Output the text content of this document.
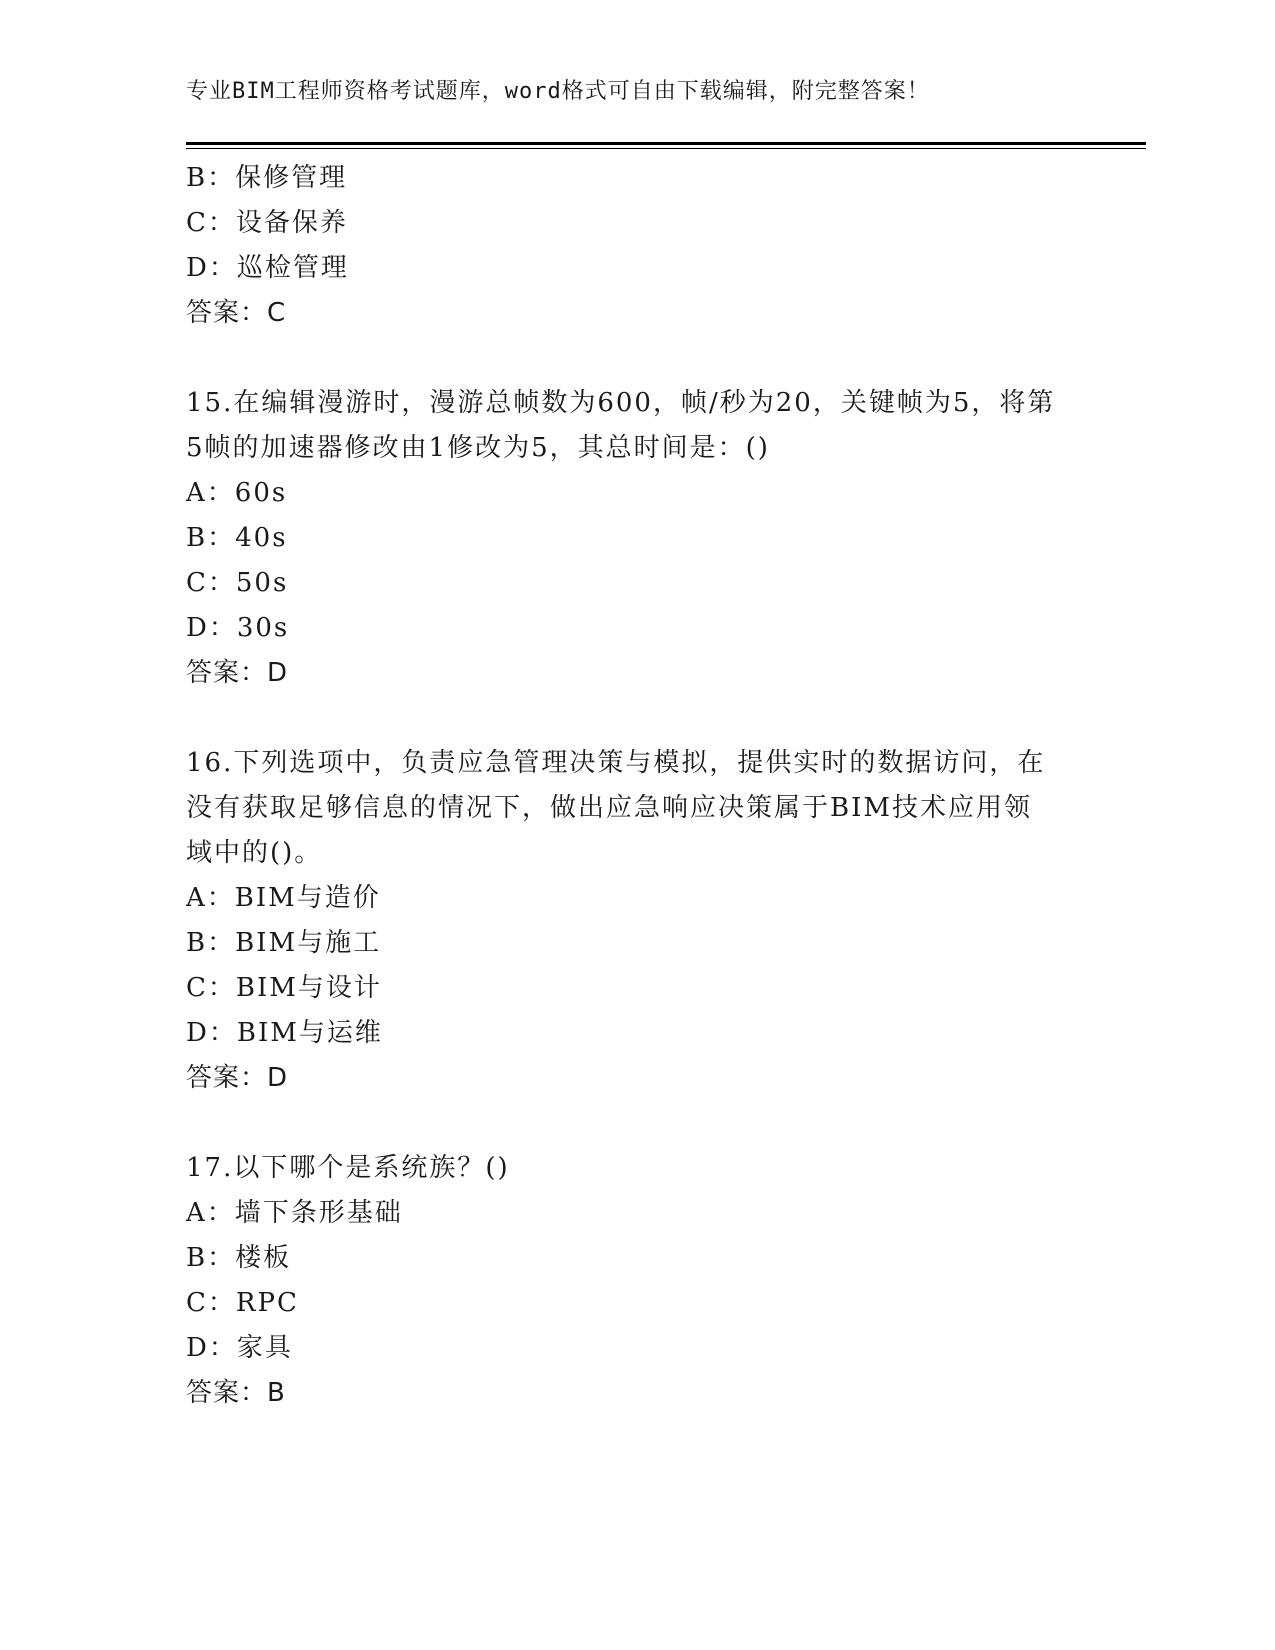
专业BIM工程师资格考试题库，word格式可自由下载编辑，附完整答案！
B：保修管理
C：设备保养
D：巡检管理
答案：C
15.在编辑漫游时，漫游总帧数为600，帧/秒为20，关键帧为5，将第
5帧的加速器修改由1修改为5，其总时间是：()
A：60s
B：40s
C：50s
D：30s
答案：D
16.下列选项中，负责应急管理决策与模拟，提供实时的数据访问，在
没有获取足够信息的情况下，做出应急响应决策属于BIM技术应用领
域中的()。
A：BIM与造价
B：BIM与施工
C：BIM与设计
D：BIM与运维
答案：D
17.以下哪个是系统族？()
A：墙下条形基础
B：楼板
C：RPC
D：家具
答案：B
